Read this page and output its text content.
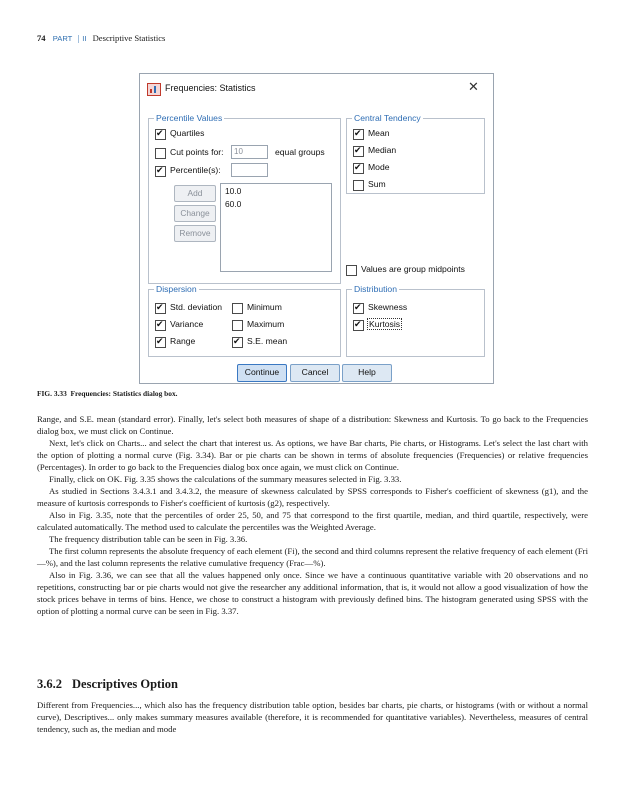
74 PART | II Descriptive Statistics
Frequencies: Statistics	✕
Percentile Values
✔
Quartiles
Cut points for:	10	equal groups
✔
Percentile(s):
Add
Change
Remove
10.0
60.0
Central Tendency
✔
Mean
✔
Median
✔
Mode
Sum
Values are group midpoints
Dispersion
✔
Std. deviation	Minimum
✔
Variance	Maximum
✔
Range
✔	S.E. mean
Distribution
✔
Skewness
✔
Kurtosis
Continue	Cancel	Help
FIG. 3.33 Frequencies: Statistics dialog box.

Range, and S.E. mean (standard error). Finally, let's select both measures of shape of a distribution: Skewness and Kurtosis. To go back to the Frequencies dialog box, we must click on Continue.

Next, let's click on Charts... and select the chart that interest us. As options, we have Bar charts, Pie charts, or Histograms. Let's select the last chart with the option of plotting a normal curve (Fig. 3.34). Bar or pie charts can be shown in terms of absolute frequencies (Frequencies) or relative frequencies (Percentages). In order to go back to the Frequencies dialog box once again, we must click on Continue.

Finally, click on OK. Fig. 3.35 shows the calculations of the summary measures selected in Fig. 3.33.

As studied in Sections 3.4.3.1 and 3.4.3.2, the measure of skewness calculated by SPSS corresponds to Fisher's coefficient of skewness (g1), and the measure of kurtosis corresponds to Fisher's coefficient of kurtosis (g2), respectively.

Also in Fig. 3.35, note that the percentiles of order 25, 50, and 75 that correspond to the first quartile, median, and third quartile, respectively, were calculated automatically. The method used to calculate the percentiles was the Weighted Average.

The frequency distribution table can be seen in Fig. 3.36.

The first column represents the absolute frequency of each element (Fi), the second and third columns represent the relative frequency of each element (Fri—%), and the last column represents the relative cumulative frequency (Frac—%).

Also in Fig. 3.36, we can see that all the values happened only once. Since we have a continuous quantitative variable with 20 observations and no repetitions, constructing bar or pie charts would not give the researcher any additional information, that is, it would not allow a good visualization of how the stock prices behave in terms of bins. Hence, we chose to construct a histogram with previously defined bins. The histogram generated using SPSS with the option of plotting a normal curve can be seen in Fig. 3.37.

3.6.2 Descriptives Option

Different from Frequencies..., which also has the frequency distribution table option, besides bar charts, pie charts, or histograms (with or without a normal curve), Descriptives... only makes summary measures available (therefore, it is recommended for quantitative variables). Nevertheless, measures of central tendency, such as, the median and mode
